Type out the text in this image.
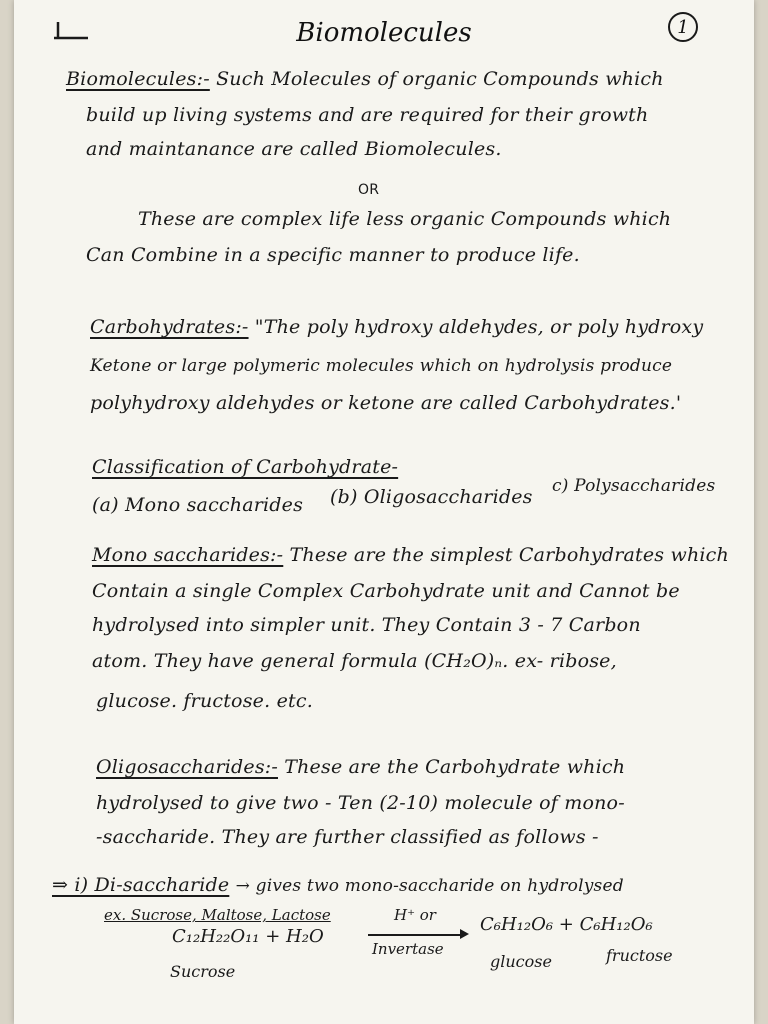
1
Biomolecules
Biomolecules:- Such Molecules of organic Compounds which
build up living systems and are required for their growth
and maintanance are called Biomolecules.
OR
These are complex life less organic Compounds which
Can Combine in a specific manner to produce life.
Carbohydrates:- "The poly hydroxy aldehydes, or poly hydroxy
Ketone or large polymeric molecules which on hydrolysis produce
polyhydroxy aldehydes or ketone are called Carbohydrates.'
Classification of Carbohydrate-
(a) Mono saccharides (b) Oligosaccharides c) Polysaccharides
Mono saccharides:- These are the simplest Carbohydrates which
Contain a single Complex Carbohydrate unit and Cannot be
hydrolysed into simpler unit. They Contain 3 - 7 Carbon
atom. They have general formula (CH₂O)ₙ. ex- ribose,
glucose. fructose. etc.
Oligosaccharides:- These are the Carbohydrate which
hydrolysed to give two - Ten (2-10) molecule of mono-
-saccharide. They are further classified as follows -
⇒ i) Di-saccharide → gives two mono-saccharide on hydrolysed
ex. Sucrose, Maltose, Lactose
C₁₂H₂₂O₁₁ + H₂O
H⁺ or
Invertase
C₆H₁₂O₆ + C₆H₁₂O₆
Sucrose
glucose	fructose
